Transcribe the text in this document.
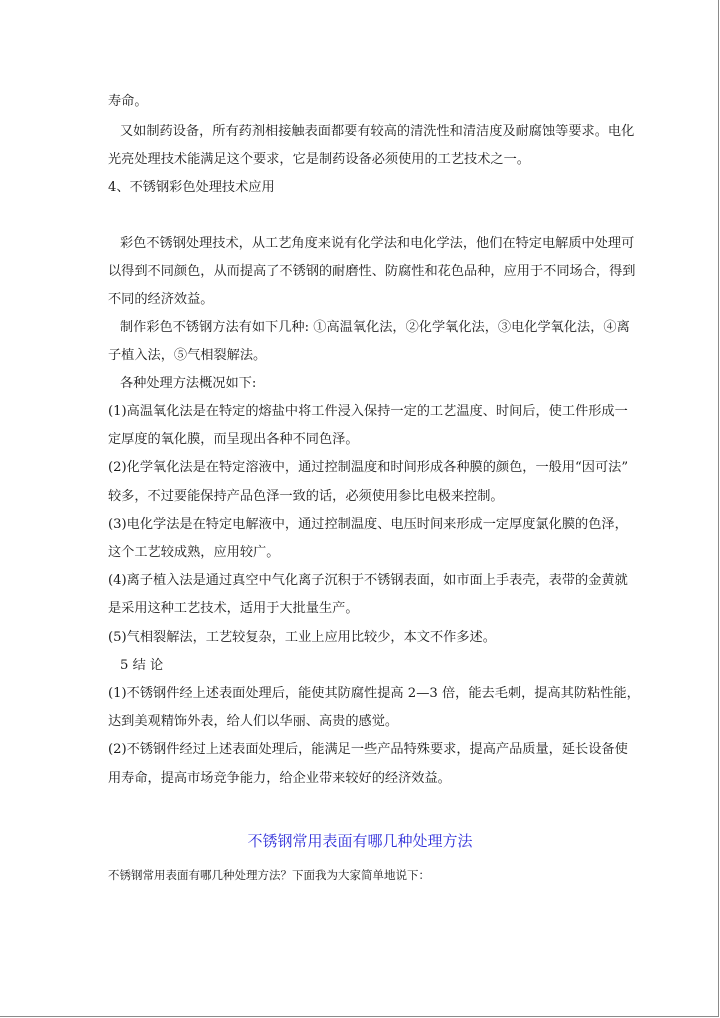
寿命。
又如制药设备，所有药剂相接触表面都要有较高的清洗性和清洁度及耐腐蚀等要求。电化
光亮处理技术能满足这个要求，它是制药设备必须使用的工艺技术之一。
4、不锈钢彩色处理技术应用
彩色不锈钢处理技术，从工艺角度来说有化学法和电化学法，他们在特定电解质中处理可
以得到不同颜色，从而提高了不锈钢的耐磨性、防腐性和花色品种，应用于不同场合，得到
不同的经济效益。
制作彩色不锈钢方法有如下几种: ①高温氧化法，②化学氧化法，③电化学氧化法，④离
子植入法，⑤气相裂解法。
各种处理方法概况如下:
(1)高温氧化法是在特定的熔盐中将工件浸入保持一定的工艺温度、时间后，使工件形成一
定厚度的氧化膜，而呈现出各种不同色泽。
(2)化学氧化法是在特定溶液中，通过控制温度和时间形成各种膜的颜色，一般用“因可法”
较多，不过要能保持产品色泽一致的话，必须使用参比电极来控制。
(3)电化学法是在特定电解液中，通过控制温度、电压时间来形成一定厚度氯化膜的色泽，
这个工艺较成熟，应用较广。
(4)离子植入法是通过真空中气化离子沉积于不锈钢表面，如市面上手表壳，表带的金黄就
是采用这种工艺技术，适用于大批量生产。
(5)气相裂解法，工艺较复杂，工业上应用比较少，本文不作多述。
5 结 论
(1)不锈钢件经上述表面处理后，能使其防腐性提高 2—3 倍，能去毛刺，提高其防粘性能，
达到美观精饰外表，给人们以华丽、高贵的感觉。
(2)不锈钢件经过上述表面处理后，能满足一些产品特殊要求，提高产品质量，延长设备使
用寿命，提高市场竞争能力，给企业带来较好的经济效益。
不锈钢常用表面有哪几种处理方法
不锈钢常用表面有哪几种处理方法？下面我为大家简单地说下：
